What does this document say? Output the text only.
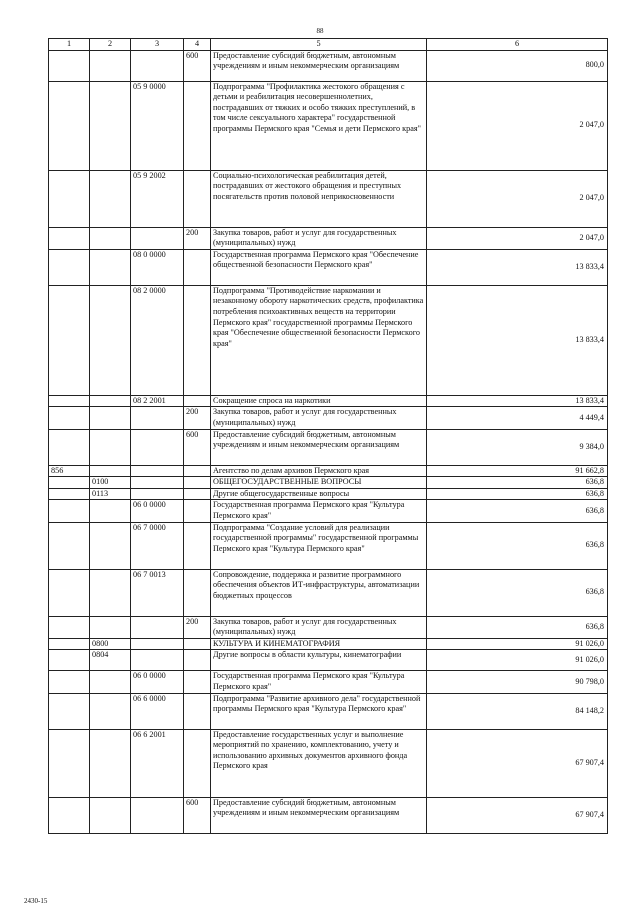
88
1	2	3	4	5	6
			600	Предоставление субсидий бюджетным, автономным учреждениям и иным некоммерческим организациям	800,0
		05 9 0000		Подпрограмма "Профилактика жестокого обращения с детьми и реабилитация несовершеннолетних, пострадавших от тяжких и особо тяжких преступлений, в том числе сексуального характера" государственной программы Пермского края "Семья и дети Пермского края"	2 047,0
		05 9 2002		Социально-психологическая реабилитация детей, пострадавших от жестокого обращения и преступных посягательств против половой неприкосновенности	2 047,0
			200	Закупка товаров, работ и услуг для государственных (муниципальных) нужд	2 047,0
		08 0 0000		Государственная программа Пермского края "Обеспечение общественной безопасности Пермского края"	13 833,4
		08 2 0000		Подпрограмма "Противодействие наркомании и незаконному обороту наркотических средств, профилактика потребления психоактивных веществ на территории Пермского края" государственной программы Пермского края "Обеспечение общественной безопасности Пермского края"	13 833,4
		08 2 2001		Сокращение спроса на наркотики	13 833,4
			200	Закупка товаров, работ и услуг для государственных (муниципальных) нужд	4 449,4
			600	Предоставление субсидий бюджетным, автономным учреждениям и иным некоммерческим организациям	9 384,0
856				Агентство по делам архивов Пермского края	91 662,8
	0100			ОБЩЕГОСУДАРСТВЕННЫЕ ВОПРОСЫ	636,8
	0113			Другие общегосударственные вопросы	636,8
		06 0 0000		Государственная программа Пермского края "Культура Пермского края"	636,8
		06 7 0000		Подпрограмма "Создание условий для реализации государственной программы" государственной программы Пермского края "Культура Пермского края"	636,8
		06 7 0013		Сопровождение, поддержка и развитие программного обеспечения объектов ИТ-инфраструктуры, автоматизации бюджетных процессов	636,8
			200	Закупка товаров, работ и услуг для государственных (муниципальных) нужд	636,8
	0800			КУЛЬТУРА И КИНЕМАТОГРАФИЯ	91 026,0
	0804			Другие вопросы в области культуры, кинематографии	91 026,0
		06 0 0000		Государственная программа Пермского края "Культура Пермского края"	90 798,0
		06 6 0000		Подпрограмма "Развитие архивного дела" государственной программы Пермского края "Культура Пермского края"	84 148,2
		06 6 2001		Предоставление государственных услуг и выполнение мероприятий по хранению, комплектованию, учету и использованию архивных документов архивного фонда Пермского края	67 907,4
			600	Предоставление субсидий бюджетным, автономным учреждениям и иным некоммерческим организациям	67 907,4
2430-15
